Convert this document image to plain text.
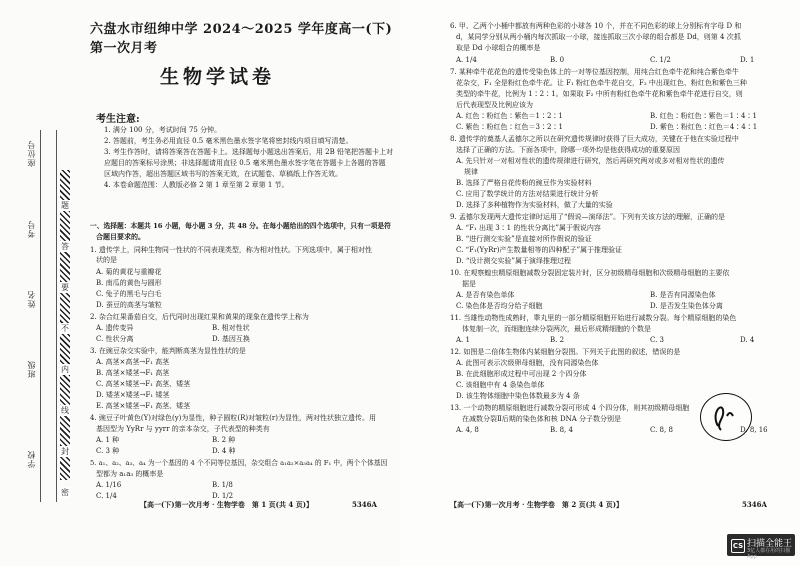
六盘水市纽绅中学 2024～2025 学年度高一(下)第一次月考
生物学试卷
考生注意:
1. 满分 100 分，考试时间 75 分钟。
2. 答题前，考生务必用直径 0.5 毫米黑色墨水签字笔将密封线内项目填写清楚。
3. 考生作答时，请将答案答在答题卡上。选择题每小题选出答案后，用 2B 铅笔把答题卡上对
应题目的答案标号涂黑；非选择题请用直径 0.5 毫米黑色墨水签字笔在答题卡上各题的答题
区域内作答，超出答题区域书写的答案无效，在试题卷、草稿纸上作答无效。
4. 本卷命题范围：人教版必修 2 第 1 章至第 2 章第 1 节。
一、选择题：本题共 16 小题，每小题 3 分，共 48 分。在每小题给出的四个选项中，只有一项是符
合题目要求的。
1. 遗传学上，同种生物同一性状的不同表现类型，称为相对性状。下列选项中，属于相对性
状的是
A. 菊的黄花与重瓣花
B. 南瓜的黄色与圆形
C. 兔子的黑毛与白毛
D. 蚕豆的高茎与皱粒
2. 杂合红果番茄自交，后代同时出现红果和黄果的现象在遗传学上称为
A. 遗传变异	B. 相对性状
C. 性状分离	D. 基因互换
3. 在豌豆杂交实验中，能判断高茎为显性性状的是
A. 高茎×高茎→F₁ 高茎
B. 高茎×矮茎→F₁ 高茎
C. 高茎×矮茎→F₁ 高茎、矮茎
D. 矮茎×矮茎→F₁ 矮茎
E. 高茎×矮茎→F₁ 高茎、矮茎
4. 豌豆子叶黄色(Y)对绿色(y)为显性，种子圆粒(R)对皱粒(r)为显性，两对性状独立遗传。用
基因型为 YyRr 与 yyrr 的亲本杂交，子代表型的种类有
A. 1 种	B. 2 种
C. 3 种	D. 4 种
5. a₁、a₂、a₃、a₄ 为一个基因的 4 个不同等位基因，杂交组合 a₁a₂×a₃a₄ 的 F₁ 中，两个个体基因
型都为 a₁a₃ 的概率是
A. 1/16	B. 1/8
C. 1/4	D. 1/2
学校
班级
姓名
考号
座位号
题
答
要
不
内
线
封
密
【高一(下)第一次月考 · 生物学卷　第 1 页(共 4 页)】	5346A
6. 甲、乙两个小桶中都放有两种色彩的小球各 10 个，并在不同色彩的球上分别标有字母 D 和
d，某同学分别从两小桶内每次抓取一小球，接连抓取三次小球的组合都是 Dd，则第 4 次抓
取是 Dd 小球组合的概率是
A. 1/4	B. 0	C. 1/2	D. 1
7. 某种牵牛花花色的遗传受染色体上的一对等位基因控制，用纯合红色牵牛花和纯合紫色牵牛
花杂交，F₁ 全是粉红色牵牛花。让 F₁ 粉红色牵牛花自交，F₂ 中出现红色、粉红色和紫色三种
类型的牵牛花，比例为 1∶2∶1。如果取 F₂ 中所有粉红色牵牛花和紫色牵牛花进行自交，则
后代表现型及比例应该为
A. 红色∶粉红色∶紫色＝1∶2∶1	B. 红色∶粉红色∶紫色＝1∶4∶1
C. 紫色∶粉红色∶红色＝3∶2∶1	D. 紫色∶粉红色∶红色＝4∶4∶1
8. 遗传学的奠基人孟德尔之所以在研究遗传规律时获得了巨大成功，关键在于他在实验过程中
选择了正确的方法。下面各项中，除哪一项外均是他获得成功的重要原因
A. 先只针对一对相对性状的遗传规律进行研究，然后再研究两对或多对相对性状的遗传
规律
B. 选择了严格自花传粉的豌豆作为实验材料
C. 应用了数学统计的方法对结果进行统计分析
D. 选择了多种植物作为实验材料，做了大量的实验
9. 孟德尔发现两大遗传定律时运用了“假说—演绎法”。下列有关该方法的理解，正确的是
A. “F₁ 出现 3∶1 的性状分离比”属于假说内容
B. “进行测交实验”是直接对所作假说的验证
C. “F₁(YyRr)产生数量相等的四种配子”属于推理验证
D. “设计测交实验”属于演绎推理过程
10. 在观察蝗虫精原细胞减数分裂固定装片时，区分初级精母细胞和次级精母细胞的主要依
据是
A. 是否有染色单体	B. 是否有同源染色体
C. 染色体是否均分给子细胞	D. 是否发生染色体分离
11. 当雄性动物性成熟时，睾丸里的一部分精原细胞开始进行减数分裂。每个精原细胞的染色
体复制一次，而细胞连续分裂两次，最后形成精细胞的个数是
A. 1	B. 2	C. 3	D. 4
12. 如图是二倍体生物体内某细胞分裂图。下列关于此图的叙述，错误的是
A. 此图可表示次级卵母细胞，没有同源染色体
B. 在此细胞形成过程中可出现 2 个四分体
C. 该细胞中有 4 条染色单体
D. 该生物体细胞中染色体数最多为 4 条
13. 一个动物的精原细胞进行减数分裂可形成 4 个四分体，则其初级精母细胞
在减数分裂Ⅱ后期的染色体和核 DNA 分子数分别是
A. 4, 8	B. 8, 4	C. 8, 8	D. 8, 16
【高一(下)第一次月考 · 生物学卷　第 2 页(共 4 页)】	5346A
CS 扫描全能王
3亿人都在用的扫描App
